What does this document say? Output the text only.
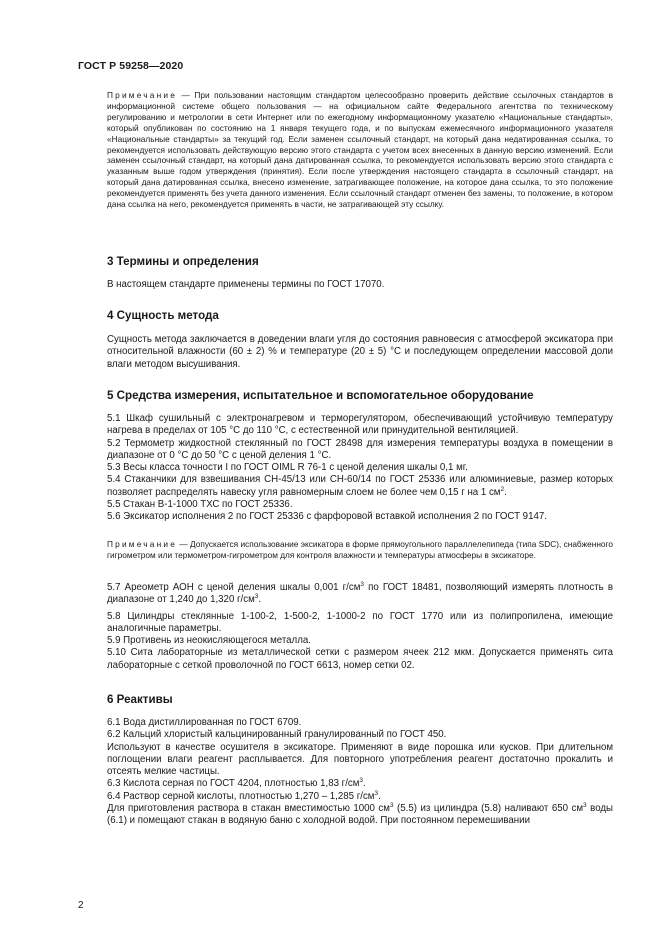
ГОСТ Р 59258—2020
Примечание — При пользовании настоящим стандартом целесообразно проверить действие ссылочных стандартов в информационной системе общего пользования — на официальном сайте Федерального агентства по техническому регулированию и метрологии в сети Интернет или по ежегодному информационному указателю «Национальные стандарты», который опубликован по состоянию на 1 января текущего года, и по выпускам ежемесячного информационного указателя «Национальные стандарты» за текущий год. Если заменен ссылочный стандарт, на который дана недатированная ссылка, то рекомендуется использовать действующую версию этого стандарта с учетом всех внесенных в данную версию изменений. Если заменен ссылочный стандарт, на который дана датированная ссылка, то рекомендуется использовать версию этого стандарта с указанным выше годом утверждения (принятия). Если после утверждения настоящего стандарта в ссылочный стандарт, на который дана датированная ссылка, внесено изменение, затрагивающее положение, на которое дана ссылка, то это положение рекомендуется применять без учета данного изменения. Если ссылочный стандарт отменен без замены, то положение, в котором дана ссылка на него, рекомендуется применять в части, не затрагивающей эту ссылку.
3 Термины и определения
В настоящем стандарте применены термины по ГОСТ 17070.
4 Сущность метода
Сущность метода заключается в доведении влаги угля до состояния равновесия с атмосферой эксикатора при относительной влажности (60 ± 2) % и температуре (20 ± 5) °С и последующем определении массовой доли влаги методом высушивания.
5 Средства измерения, испытательное и вспомогательное оборудование
5.1 Шкаф сушильный с электронагревом и терморегулятором, обеспечивающий устойчивую температуру нагрева в пределах от 105 °С до 110 °С, с естественной или принудительной вентиляцией.
5.2 Термометр жидкостной стеклянный по ГОСТ 28498 для измерения температуры воздуха в помещении в диапазоне от 0 °С до 50 °С с ценой деления 1 °С.
5.3 Весы класса точности I по ГОСТ OIML R 76-1 с ценой деления шкалы 0,1 мг.
5.4 Стаканчики для взвешивания СН-45/13 или СН-60/14 по ГОСТ 25336 или алюминиевые, размер которых позволяет распределять навеску угля равномерным слоем не более чем 0,15 г на 1 $см^2$.
5.5 Стакан В-1-1000 ТХС по ГОСТ 25336.
5.6 Эксикатор исполнения 2 по ГОСТ 25336 с фарфоровой вставкой исполнения 2 по ГОСТ 9147.
Примечание — Допускается использование эксикатора в форме прямоугольного параллелепипеда (типа SDC), снабженного гигрометром или термометром-гигрометром для контроля влажности и температуры атмосферы в эксикаторе.
5.7 Ареометр АОН с ценой деления шкалы 0,001 $г/см^3$ по ГОСТ 18481, позволяющий измерять плотность в диапазоне от 1,240 до 1,320 $г/см^3$.
5.8 Цилиндры стеклянные 1-100-2, 1-500-2, 1-1000-2 по ГОСТ 1770 или из полипропилена, имеющие аналогичные параметры.
5.9 Противень из неокисляющегося металла.
5.10 Сита лабораторные из металлической сетки с размером ячеек 212 мкм. Допускается применять сита лабораторные с сеткой проволочной по ГОСТ 6613, номер сетки 02.
6 Реактивы
6.1 Вода дистиллированная по ГОСТ 6709.
6.2 Кальций хлористый кальцинированный гранулированный по ГОСТ 450.
Используют в качестве осушителя в эксикаторе. Применяют в виде порошка или кусков. При длительном поглощении влаги реагент расплывается. Для повторного употребления реагент достаточно прокалить и отсеять мелкие частицы.
6.3 Кислота серная по ГОСТ 4204, плотностью 1,83 $г/см^3$.
6.4 Раствор серной кислоты, плотностью 1,270 – 1,285 $г/см^3$.
Для приготовления раствора в стакан вместимостью 1000 $см^3$ (5.5) из цилиндра (5.8) наливают 650 $см^3$ воды (6.1) и помещают стакан в водяную баню с холодной водой. При постоянном перемешивании
2
